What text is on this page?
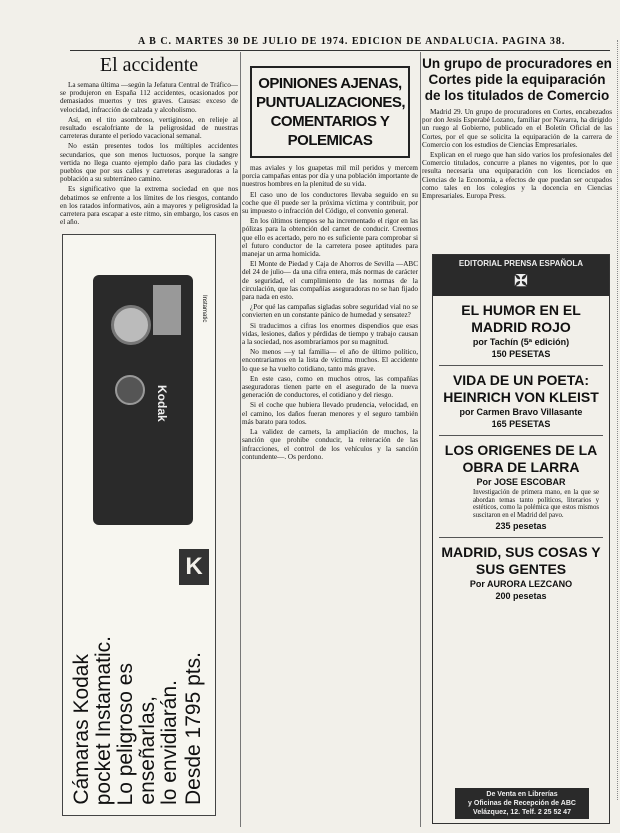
A B C. MARTES 30 DE JULIO DE 1974. EDICION DE ANDALUCIA. PAGINA 38.
El accidente

La semana última —según la Jefatura Central de Tráfico— se produjeron en España 112 accidentes, ocasionados por demasiados muertos y tres graves. Causas: exceso de velocidad, infracción de calzada y alcoholismo.

Así, en el tito asombroso, vertiginoso, en relieje al resultado escalofriante de la peligrosidad de nuestras carreteras durante el período vacacional semanal.

No están presentes todos los múltiples accidentes secundarios, que son menos luctuosos, porque la sangre vertida no llega cuanto ejemplo daño para las ciudades y pueblos que por sus calles y carreteras aseguradoras a la población a su subterráneo camino.

Es significativo que la extrema sociedad en que nos debatimos se enfrente a los límites de los riesgos, contando en los ratados informativos, aún a mayores y peligrosidad la carretera para escapar a este ritmo, sin embargo, los casos en el año.

Kodak
Instamatic
K
Cámaras Kodak pocket Instamatic. Lo peligroso es enseñarlas, lo envidiarán. Desde 1795 pts.
OPINIONES AJENAS,
PUNTUALIZACIONES,
COMENTARIOS Y
POLEMICAS

mas aviales y los guapetas mil mil peridos y mercem porcia campañas entas por día y una población importante de nuestros hombres en la plenitud de su vida.

El caso uno de los conductores llevaba seguido en su coche que él puede ser la próxima víctima y contribuir, por su impuesto o infracción del Código, el convenio general.

En los últimos tiempos se ha incrementado el rigor en las pólizas para la obtención del carnet de conducir. Creemos que ello es acertado, pero no es suficiente para comprobar si el futuro conductor de la carretera posee aptitudes para manejar un arma homicida.

El Monte de Piedad y Caja de Ahorros de Sevilla —ABC del 24 de julio— da una cifra entera, más normas de carácter de seguridad, el cumplimiento de las normas de la circulación, que las compañías aseguradoras no se han fijado para nada en esto.

¿Por qué las campañas sigladas sobre seguridad vial no se convierten en un constante pánico de humedad y sensatez?

Si traducimos a cifras los enormes dispendios que esas vidas, lesiones, daños y pérdidas de tiempo y trabajo causan a la sociedad, nos asombraríamos por su magnitud.

No menos —y tal familia— el año de último político, encontrariamos en la lista de víctima muchos. El accidente lo que se ha vuelto cotidiano, tanto más grave.

En este caso, como en muchos otros, las compañías aseguradoras tienen parte en el asegurado de la nueva generación de conductores, el cotidiano y del riesgo.

Si el coche que hubiera llevado prudencia, velocidad, en el camino, los daños fueran menores y el seguro también más barato para todos.

La validez de carnets, la ampliación de muchos, la sanción que prohibe conducir, la reiteración de las infracciones, el control de los vehículos y la sanción contundente—. Os perdono.

Un grupo de procuradores en Cortes pide la equiparación de los titulados de Comercio

Madrid 29. Un grupo de procuradores en Cortes, encabezados por don Jesús Esperabé Lozano, familiar por Navarra, ha dirigido un ruego al Gobierno, publicado en el Boletín Oficial de las Cortes, por el que se solicita la equiparación de la carrera de Comercio con los estudios de Ciencias Empresariales.

Explican en el ruego que han sido varios los profesionales del Comercio titulados, concurre a planes no vigentes, por lo que resulta necesaria una equiparación con los licenciados en Ciencias de la Economía, a efectos de que puedan ser ocupados como tales en los colegios y la docencia en Ciencias Empresariales. Europa Press.

EDITORIAL PRENSA ESPAÑOLA
✠
EL HUMOR EN EL MADRID ROJO
por Tachín (5ª edición)
150 PESETAS
VIDA DE UN POETA: HEINRICH VON KLEIST
por Carmen Bravo Villasante
165 PESETAS
LOS ORIGENES DE LA OBRA DE LARRA
Por JOSE ESCOBAR
Investigación de primera mano, en la que se abordan temas tanto políticos, literarios y estéticos, como la polémica que estos mismos suscitaron en el Madrid del pavo.
235 pesetas
MADRID, SUS COSAS Y SUS GENTES
Por AURORA LEZCANO
200 pesetas
De Venta en Librerías
y Oficinas de Recepción de ABC
Velázquez, 12. Telf. 2 25 52 47
